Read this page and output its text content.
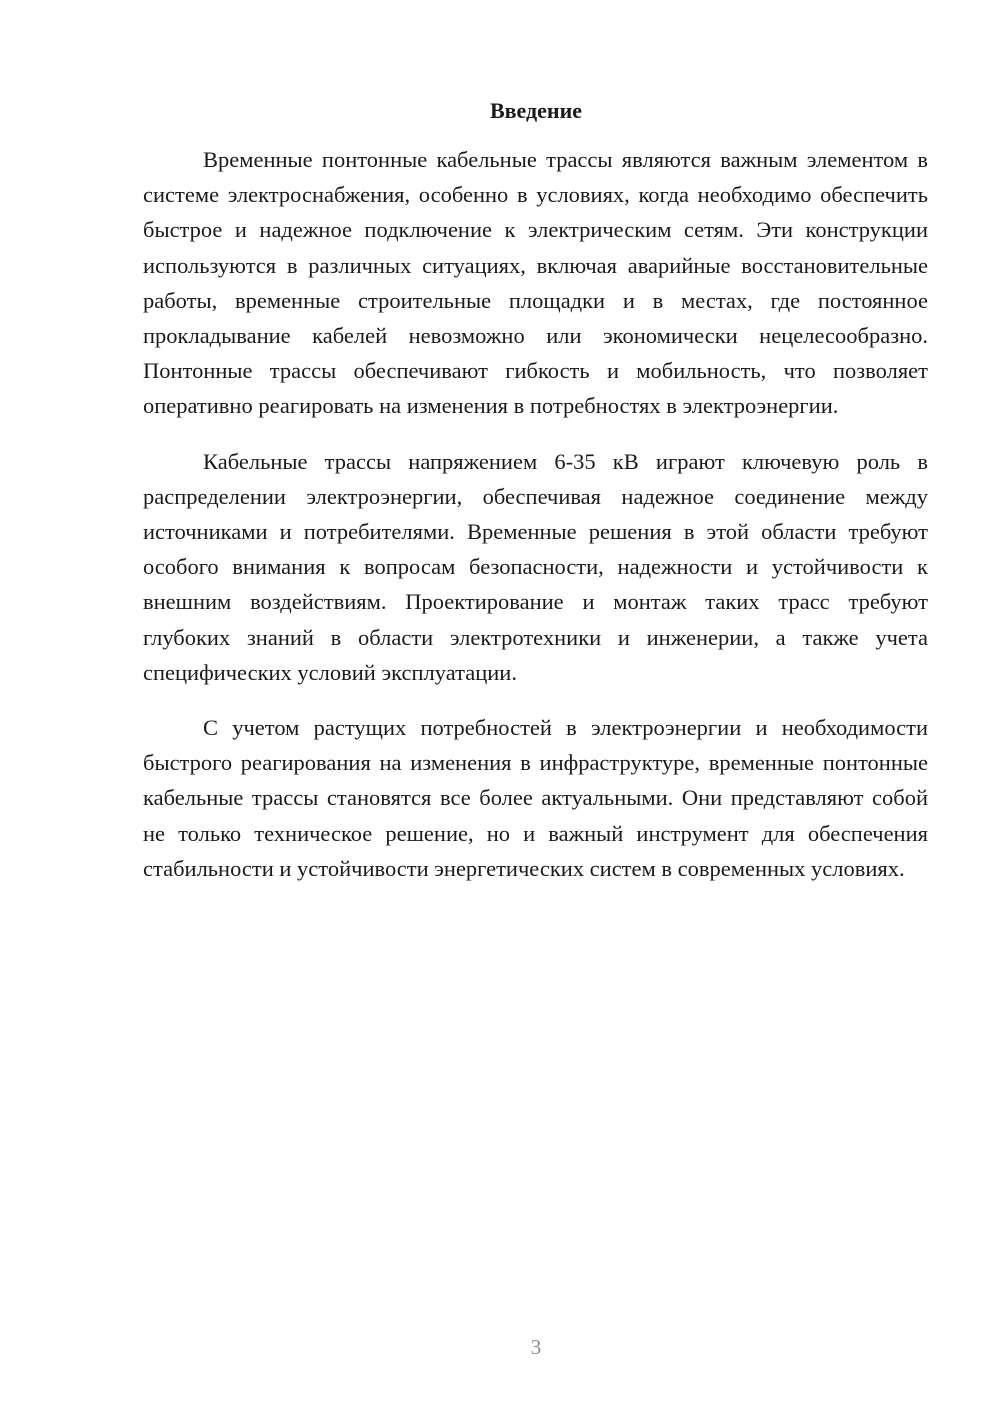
Введение

Временные понтонные кабельные трассы являются важным элементом в системе электроснабжения, особенно в условиях, когда необходимо обеспечить быстрое и надежное подключение к электрическим сетям. Эти конструкции используются в различных ситуациях, включая аварийные восстановительные работы, временные строительные площадки и в местах, где постоянное прокладывание кабелей невозможно или экономически нецелесообразно. Понтонные трассы обеспечивают гибкость и мобильность, что позволяет оперативно реагировать на изменения в потребностях в электроэнергии.

Кабельные трассы напряжением 6-35 кВ играют ключевую роль в распределении электроэнергии, обеспечивая надежное соединение между источниками и потребителями. Временные решения в этой области требуют особого внимания к вопросам безопасности, надежности и устойчивости к внешним воздействиям. Проектирование и монтаж таких трасс требуют глубоких знаний в области электротехники и инженерии, а также учета специфических условий эксплуатации.

С учетом растущих потребностей в электроэнергии и необходимости быстрого реагирования на изменения в инфраструктуре, временные понтонные кабельные трассы становятся все более актуальными. Они представляют собой не только техническое решение, но и важный инструмент для обеспечения стабильности и устойчивости энергетических систем в современных условиях.

3
